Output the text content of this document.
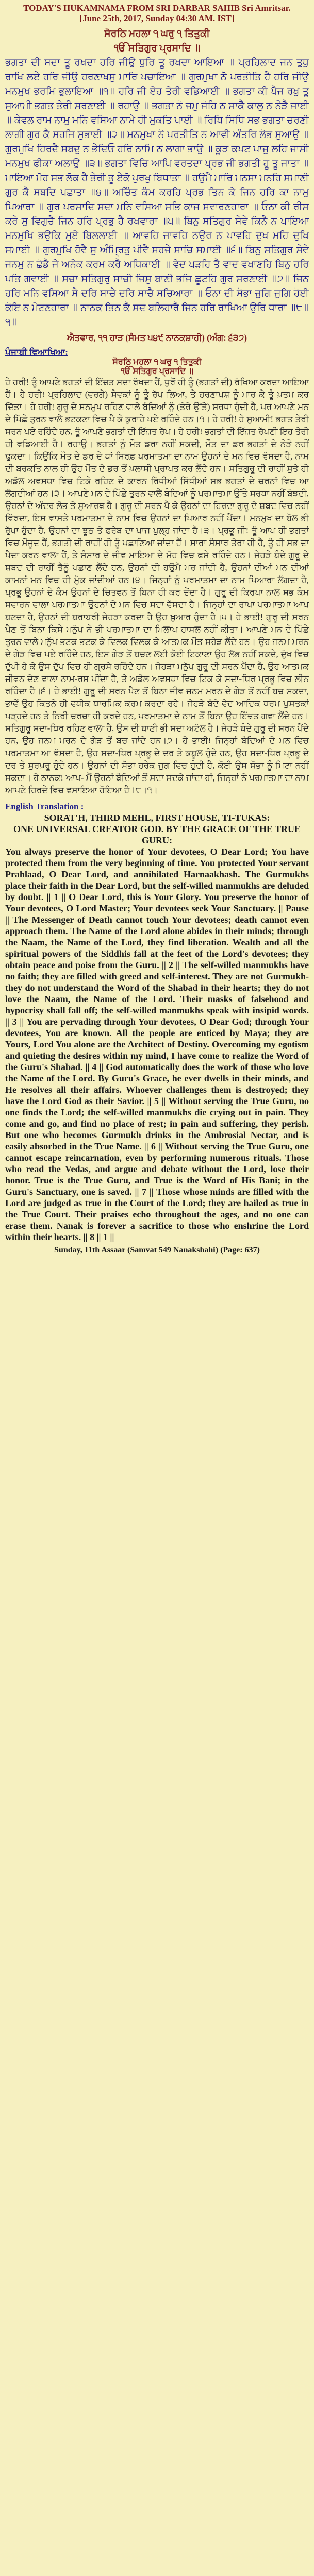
TODAY'S HUKAMNAMA FROM SRI DARBAR SAHIB Sri Amritsar.
[June 25th, 2017, Sunday 04:30 AM. IST]
ਸੋਰਠਿ ਮਹਲਾ ੧ ਘਰੁ ੧ ਤਿਤੁਕੀ
ੴ ਸਤਿਗੁਰ ਪ੍ਰਸਾਦਿ ॥
ਭਗਤਾ ਦੀ ਸਦਾ ਤੂ ਰਖਦਾ ਹਰਿ ਜੀਉ ਧੁਰਿ ਤੂ ਰਖਦਾ ਆਇਆ ॥ ਪ੍ਰਹਿਲਾਦ ਜਨ ਤੁਧੁ ਰਾਖਿ ਲਏ ਹਰਿ ਜੀਉ ਹਰਣਾਖਸੁ ਮਾਰਿ ਪਚਾਇਆ ॥ ਗੁਰਮੁਖਾ ਨੋ ਪਰਤੀਤਿ ਹੈ ਹਰਿ ਜੀਉ ਮਨਮੁਖ ਭਰਮਿ ਭੁਲਾਇਆ ॥੧॥ ਹਰਿ ਜੀ ਏਹ ਤੇਰੀ ਵਡਿਆਈ ॥ ਭਗਤਾ ਕੀ ਪੈਜ ਰਖੁ ਤੂ ਸੁਆਮੀ ਭਗਤ ਤੇਰੀ ਸਰਣਾਈ ॥ ਰਹਾਉ ॥ ਭਗਤਾ ਨੋ ਜਮੁ ਜੋਹਿ ਨ ਸਾਕੈ ਕਾਲੁ ਨ ਨੇੜੈ ਜਾਈ ॥ ਕੇਵਲ ਰਾਮ ਨਾਮੁ ਮਨਿ ਵਸਿਆ ਨਾਮੇ ਹੀ ਮੁਕਤਿ ਪਾਈ ॥ ਰਿਧਿ ਸਿਧਿ ਸਭ ਭਗਤਾ ਚਰਣੀ ਲਾਗੀ ਗੁਰ ਕੈ ਸਹਜਿ ਸੁਭਾਈ ॥੨॥ ਮਨਮੁਖਾ ਨੋ ਪਰਤੀਤਿ ਨ ਆਵੀ ਅੰਤਰਿ ਲੋਭ ਸੁਆਉ ॥ ਗੁਰਮੁਖਿ ਹਿਰਦੈ ਸਬਦੁ ਨ ਭੇਦਿਓ ਹਰਿ ਨਾਮਿ ਨ ਲਾਗਾ ਭਾਉ ॥ ਕੂੜ ਕਪਟ ਪਾਜੁ ਲਹਿ ਜਾਸੀ ਮਨਮੁਖ ਫੀਕਾ ਅਲਾਉ ॥੩॥ ਭਗਤਾ ਵਿਚਿ ਆਪਿ ਵਰਤਦਾ ਪ੍ਰਭ ਜੀ ਭਗਤੀ ਹੂ ਤੂ ਜਾਤਾ ॥ ਮਾਇਆ ਮੋਹ ਸਭ ਲੋਕ ਹੈ ਤੇਰੀ ਤੂ ਏਕੋ ਪੁਰਖੁ ਬਿਧਾਤਾ ॥ ਹਉਮੈ ਮਾਰਿ ਮਨਸਾ ਮਨਹਿ ਸਮਾਣੀ ਗੁਰ ਕੈ ਸਬਦਿ ਪਛਾਤਾ ॥੪॥ ਅਚਿੰਤ ਕੰਮ ਕਰਹਿ ਪ੍ਰਭ ਤਿਨ ਕੇ ਜਿਨ ਹਰਿ ਕਾ ਨਾਮੁ ਪਿਆਰਾ ॥ ਗੁਰ ਪਰਸਾਦਿ ਸਦਾ ਮਨਿ ਵਸਿਆ ਸਭਿ ਕਾਜ ਸਵਾਰਣਹਾਰਾ ॥ ਓਨਾ ਕੀ ਰੀਸ ਕਰੇ ਸੁ ਵਿਗੁਚੈ ਜਿਨ ਹਰਿ ਪ੍ਰਭੁ ਹੈ ਰਖਵਾਰਾ ॥੫॥ ਬਿਨੁ ਸਤਿਗੁਰ ਸੇਵੇ ਕਿਨੈ ਨ ਪਾਇਆ ਮਨਮੁਖਿ ਭਉਕਿ ਮੁਏ ਬਿਲਲਾਈ ॥ ਆਵਹਿ ਜਾਵਹਿ ਠਉਰ ਨ ਪਾਵਹਿ ਦੁਖ ਮਹਿ ਦੁਖਿ ਸਮਾਈ ॥ ਗੁਰਮੁਖਿ ਹੋਵੈ ਸੁ ਅੰਮ੍ਰਿਤੁ ਪੀਵੈ ਸਹਜੇ ਸਾਚਿ ਸਮਾਈ ॥੬॥ ਬਿਨੁ ਸਤਿਗੁਰ ਸੇਵੇ ਜਨਮੁ ਨ ਛੋਡੈ ਜੇ ਅਨੇਕ ਕਰਮ ਕਰੈ ਅਧਿਕਾਈ ॥ ਵੇਦ ਪੜਹਿ ਤੈ ਵਾਦ ਵਖਾਣਹਿ ਬਿਨੁ ਹਰਿ ਪਤਿ ਗਵਾਈ ॥ ਸਚਾ ਸਤਿਗੁਰੁ ਸਾਚੀ ਜਿਸੁ ਬਾਣੀ ਭਜਿ ਛੂਟਹਿ ਗੁਰ ਸਰਣਾਈ ॥੭॥ ਜਿਨ ਹਰਿ ਮਨਿ ਵਸਿਆ ਸੇ ਦਰਿ ਸਾਚੇ ਦਰਿ ਸਾਚੈ ਸਚਿਆਰਾ ॥ ਓਨਾ ਦੀ ਸੋਭਾ ਜੁਗਿ ਜੁਗਿ ਹੋਈ ਕੋਇ ਨ ਮੇਟਣਹਾਰਾ ॥ ਨਾਨਕ ਤਿਨ ਕੈ ਸਦ ਬਲਿਹਾਰੈ ਜਿਨ ਹਰਿ ਰਾਖਿਆ ਉਰਿ ਧਾਰਾ ॥੮॥੧॥
ਐਤਵਾਰ, ੧੧ ਹਾੜ (ਸੰਮਤ ੫੪੯ ਨਾਨਕਸ਼ਾਹੀ) (ਅੰਗ: ੬੩੭)
ਪੰਜਾਬੀ ਵਿਆਖਿਆ:
ਸੋਰਠਿ ਮਹਲਾ ੧ ਘਰੁ ੧ ਤਿਤੁਕੀ
ੴ ਸਤਿਗੁਰ ਪ੍ਰਸਾਦਿ ॥
ਹੇ ਹਰੀ! ਤੂੰ ਆਪਣੇ ਭਗਤਾਂ ਦੀ ਇੱਜ਼ਤ ਸਦਾ ਰੱਖਦਾ ਹੈਂ, ਧੁਰੋਂ ਹੀ ਤੂੰ (ਭਗਤਾਂ ਦੀ) ਰੱਖਿਆ ਕਰਦਾ ਆਇਆ ਹੈਂ। ਹੇ ਹਰੀ! ਪ੍ਰਹਿਲਾਦ (ਵਰਗੇ) ਸੇਵਕਾਂ ਨੂੰ ਤੂੰ ਰੱਖ ਲਿਆ, ਤੇ ਹਰਣਾਖਸ਼ ਨੂੰ ਮਾਰ ਕੇ ਤੂੰ ਖ਼ਤਮ ਕਰ ਦਿੱਤਾ। ਹੇ ਹਰੀ! ਗੁਰੂ ਦੇ ਸਨਮੁਖ ਰਹਿਣ ਵਾਲੇ ਬੰਦਿਆਂ ਨੂੰ (ਤੇਰੇ ਉੱਤੇ) ਸਰਧਾ ਹੁੰਦੀ ਹੈ, ਪਰ ਆਪਣੇ ਮਨ ਦੇ ਪਿੱਛੇ ਤੁਰਨ ਵਾਲੇ ਭਟਕਣਾ ਵਿਚ ਪੈ ਕੇ ਕੁਰਾਹੇ ਪਏ ਰਹਿੰਦੇ ਹਨ।੧। ਹੇ ਹਰੀ! ਹੇ ਸੁਆਮੀ! ਭਗਤ ਤੇਰੀ ਸਰਨ ਪਏ ਰਹਿੰਦੇ ਹਨ, ਤੂੰ ਆਪਣੇ ਭਗਤਾਂ ਦੀ ਇੱਜ਼ਤ ਰੱਖ। ਹੇ ਹਰੀ! ਭਗਤਾਂ ਦੀ ਇੱਜ਼ਤ ਰੱਖਣੀ ਇਹ ਤੇਰੀ ਹੀ ਵਡਿਆਈ ਹੈ। ਰਹਾਉ। ਭਗਤਾਂ ਨੂੰ ਮੌਤ ਡਰਾ ਨਹੀਂ ਸਕਦੀ, ਮੌਤ ਦਾ ਡਰ ਭਗਤਾਂ ਦੇ ਨੇੜੇ ਨਹੀਂ ਢੁਕਦਾ। ਕਿਉਂਕਿ ਮੌਤ ਦੇ ਡਰ ਦੇ ਥਾਂ ਸਿਰਫ਼ ਪਰਮਾਤਮਾ ਦਾ ਨਾਮ ਉਹਨਾਂ ਦੇ ਮਨ ਵਿਚ ਵੱਸਦਾ ਹੈ, ਨਾਮ ਦੀ ਬਰਕਤਿ ਨਾਲ ਹੀ ਉਹ ਮੌਤ ਦੇ ਡਰ ਤੋਂ ਖ਼ਲਾਸੀ ਪ੍ਰਾਪਤ ਕਰ ਲੈਂਦੇ ਹਨ। ਸਤਿਗੁਰੂ ਦੀ ਰਾਹੀਂ ਸੁਤੇ ਹੀ ਅਡੋਲ ਅਵਸਥਾ ਵਿਚ ਟਿਕੇ ਰਹਿਣ ਦੇ ਕਾਰਨ ਰਿੱਧੀਆਂ ਸਿੱਧੀਆਂ ਸਭ ਭਗਤਾਂ ਦੇ ਚਰਨਾਂ ਵਿਚ ਆ ਲੱਗਦੀਆਂ ਹਨ।੨। ਆਪਣੇ ਮਨ ਦੇ ਪਿੱਛੇ ਤੁਰਨ ਵਾਲੇ ਬੰਦਿਆਂ ਨੂੰ ਪਰਮਾਤਮਾ ਉੱਤੇ ਸਰਧਾ ਨਹੀਂ ਬੱਝਦੀ, ਉਹਨਾਂ ਦੇ ਅੰਦਰ ਲੋਭ ਤੇ ਸੁਆਰਥ ਹੈ। ਗੁਰੂ ਦੀ ਸਰਨ ਪੈ ਕੇ ਉਹਨਾਂ ਦਾ ਹਿਰਦਾ ਗੁਰੂ ਦੇ ਸ਼ਬਦ ਵਿਚ ਨਹੀਂ ਵਿੱਝਦਾ, ਇਸ ਵਾਸਤੇ ਪਰਮਾਤਮਾ ਦੇ ਨਾਮ ਵਿਚ ਉਹਨਾਂ ਦਾ ਪਿਆਰ ਨਹੀਂ ਪੈਂਦਾ। ਮਨਮੁਖ ਦਾ ਬੋਲ ਭੀ ਰੁੱਖਾ ਹੁੰਦਾ ਹੈ, ਉਹਨਾਂ ਦਾ ਝੂਠ ਤੇ ਫਰੇਬ ਦਾ ਪਾਜ ਖੁਲ੍ਹ ਜਾਂਦਾ ਹੈ।੩। ਪ੍ਰਭੂ ਜੀ! ਤੂੰ ਆਪ ਹੀ ਭਗਤਾਂ ਵਿਚ ਮੌਜੂਦ ਹੈਂ, ਭਗਤੀ ਦੀ ਰਾਹੀਂ ਹੀ ਤੂੰ ਪਛਾਣਿਆ ਜਾਂਦਾ ਹੈਂ। ਸਾਰਾ ਸੰਸਾਰ ਤੇਰਾ ਹੀ ਹੈ, ਤੂੰ ਹੀ ਸਭ ਦਾ ਪੈਦਾ ਕਰਨ ਵਾਲਾ ਹੈਂ, ਤੇ ਸੰਸਾਰ ਦੇ ਜੀਵ ਮਾਇਆ ਦੇ ਮੋਹ ਵਿਚ ਫਸੇ ਰਹਿੰਦੇ ਹਨ। ਜੇਹੜੇ ਬੰਦੇ ਗੁਰੂ ਦੇ ਸ਼ਬਦ ਦੀ ਰਾਹੀਂ ਤੈਨੂੰ ਪਛਾਣ ਲੈਂਦੇ ਹਨ, ਉਹਨਾਂ ਦੀ ਹਉਮੈ ਮਰ ਜਾਂਦੀ ਹੈ, ਉਹਨਾਂ ਦੀਆਂ ਮਨ ਦੀਆਂ ਕਾਮਨਾਂ ਮਨ ਵਿਚ ਹੀ ਮੁੱਕ ਜਾਂਦੀਆਂ ਹਨ।੪। ਜਿਨ੍ਹਾਂ ਨੂੰ ਪਰਮਾਤਮਾ ਦਾ ਨਾਮ ਪਿਆਰਾ ਲੱਗਦਾ ਹੈ, ਪ੍ਰਭੂ ਉਹਨਾਂ ਦੇ ਕੰਮ ਉਹਨਾਂ ਦੇ ਚਿਤਵਨ ਤੋਂ ਬਿਨਾ ਹੀ ਕਰ ਦੇਂਦਾ ਹੈ। ਗੁਰੂ ਦੀ ਕਿਰਪਾ ਨਾਲ ਸਭ ਕੰਮ ਸਵਾਰਨ ਵਾਲਾ ਪਰਮਾਤਮਾ ਉਹਨਾਂ ਦੇ ਮਨ ਵਿਚ ਸਦਾ ਵੱਸਦਾ ਹੈ। ਜਿਨ੍ਹਾਂ ਦਾ ਰਾਖਾ ਪਰਮਾਤਮਾ ਆਪ ਬਣਦਾ ਹੈ, ਉਹਨਾਂ ਦੀ ਬਰਾਬਰੀ ਜੇਹੜਾ ਕਰਦਾ ਹੈ ਉਹ ਖ਼ੁਆਰ ਹੁੰਦਾ ਹੈ।੫। ਹੇ ਭਾਈ! ਗੁਰੂ ਦੀ ਸਰਨ ਪੈਣ ਤੋਂ ਬਿਨਾ ਕਿਸੇ ਮਨੁੱਖ ਨੇ ਭੀ ਪਰਮਾਤਮਾ ਦਾ ਮਿਲਾਪ ਹਾਸਲ ਨਹੀਂ ਕੀਤਾ। ਆਪਣੇ ਮਨ ਦੇ ਪਿੱਛੇ ਤੁਰਨ ਵਾਲੇ ਮਨੁੱਖ ਭਟਕ ਭਟਕ ਕੇ ਵਿਲਕ ਵਿਲਕ ਕੇ ਆਤਮਕ ਮੌਤ ਸਹੇੜ ਲੈਂਦੇ ਹਨ। ਉਹ ਜਨਮ ਮਰਨ ਦੇ ਗੇੜ ਵਿਚ ਪਏ ਰਹਿੰਦੇ ਹਨ, ਇਸ ਗੇੜ ਤੋਂ ਬਚਣ ਲਈ ਕੋਈ ਟਿਕਾਣਾ ਉਹ ਲੱਭ ਨਹੀਂ ਸਕਦੇ, ਦੁੱਖ ਵਿਚ ਦੁੱਖੀ ਹੋ ਕੇ ਉਸ ਦੁੱਖ ਵਿਚ ਹੀ ਗ੍ਰਸੇ ਰਹਿੰਦੇ ਹਨ। ਜੇਹੜਾ ਮਨੁੱਖ ਗੁਰੂ ਦੀ ਸਰਨ ਪੈਂਦਾ ਹੈ, ਉਹ ਆਤਮਕ ਜੀਵਨ ਦੇਣ ਵਾਲਾ ਨਾਮ-ਰਸ ਪੀਂਦਾ ਹੈ, ਤੇ ਅਡੋਲ ਅਵਸਥਾ ਵਿਚ ਟਿਕ ਕੇ ਸਦਾ-ਥਿਰ ਪ੍ਰਭੂ ਵਿਚ ਲੀਨ ਰਹਿੰਦਾ ਹੈ।੬। ਹੇ ਭਾਈ! ਗੁਰੂ ਦੀ ਸਰਨ ਪੈਣ ਤੋਂ ਬਿਨਾ ਜੀਵ ਜਨਮ ਮਰਨ ਦੇ ਗੇੜ ਤੋਂ ਨਹੀਂ ਬਚ ਸਕਦਾ, ਭਾਵੇਂ ਉਹ ਕਿਤਨੇ ਹੀ ਵਧੀਕ ਧਾਰਮਿਕ ਕਰਮ ਕਰਦਾ ਰਹੇ। ਜੇਹੜੇ ਬੰਦੇ ਵੇਦ ਆਦਿਕ ਧਰਮ ਪੁਸਤਕਾਂ ਪੜ੍ਹਦੇ ਹਨ ਤੇ ਨਿਰੀ ਚਰਚਾ ਹੀ ਕਰਦੇ ਹਨ, ਪਰਮਾਤਮਾ ਦੇ ਨਾਮ ਤੋਂ ਬਿਨਾ ਉਹ ਇੱਜ਼ਤ ਗਵਾ ਲੈਂਦੇ ਹਨ। ਸਤਿਗੁਰੂ ਸਦਾ-ਥਿਰ ਰਹਿਣ ਵਾਲਾ ਹੈ, ਉਸ ਦੀ ਬਾਣੀ ਭੀ ਸਦਾ ਅਟੱਲ ਹੈ। ਜੇਹੜੇ ਬੰਦੇ ਗੁਰੂ ਦੀ ਸਰਨ ਪੈਂਦੇ ਹਨ, ਉਹ ਜਨਮ ਮਰਨ ਦੇ ਗੇੜ ਤੋਂ ਬਚ ਜਾਂਦੇ ਹਨ।੭। ਹੇ ਭਾਈ! ਜਿਨ੍ਹਾਂ ਬੰਦਿਆਂ ਦੇ ਮਨ ਵਿਚ ਪਰਮਾਤਮਾ ਆ ਵੱਸਦਾ ਹੈ, ਉਹ ਸਦਾ-ਥਿਰ ਪ੍ਰਭੂ ਦੇ ਦਰ ਤੇ ਕਬੂਲ ਹੁੰਦੇ ਹਨ, ਉਹ ਸਦਾ-ਥਿਰ ਪ੍ਰਭੂ ਦੇ ਦਰ ਤੇ ਸੁਰਖ਼ਰੂ ਹੁੰਦੇ ਹਨ। ਉਹਨਾਂ ਦੀ ਸੋਭਾ ਹਰੇਕ ਜੁਗ ਵਿਚ ਹੁੰਦੀ ਹੈ, ਕੋਈ ਉਸ ਸੋਭਾ ਨੂੰ ਮਿਟਾ ਨਹੀਂ ਸਕਦਾ। ਹੇ ਨਾਨਕ! ਆਖ- ਮੈਂ ਉਹਨਾਂ ਬੰਦਿਆਂ ਤੋਂ ਸਦਾ ਸਦਕੇ ਜਾਂਦਾ ਹਾਂ, ਜਿਨ੍ਹਾਂ ਨੇ ਪਰਮਾਤਮਾ ਦਾ ਨਾਮ ਆਪਣੇ ਹਿਰਦੇ ਵਿਚ ਵਸਾਇਆ ਹੋਇਆ ਹੈ।੮।੧।
English Translation :
SORAT'H, THIRD MEHL, FIRST HOUSE, TI-TUKAS:
ONE UNIVERSAL CREATOR GOD. BY THE GRACE OF THE TRUE GURU:
You always preserve the honor of Your devotees, O Dear Lord; You have protected them from the very beginning of time. You protected Your servant Prahlaad, O Dear Lord, and annihilated Harnaakhash. The Gurmukhs place their faith in the Dear Lord, but the self-willed manmukhs are deluded by doubt. || 1 || O Dear Lord, this is Your Glory. You preserve the honor of Your devotees, O Lord Master; Your devotees seek Your Sanctuary. || Pause || The Messenger of Death cannot touch Your devotees; death cannot even approach them. The Name of the Lord alone abides in their minds; through the Naam, the Name of the Lord, they find liberation. Wealth and all the spiritual powers of the Siddhis fall at the feet of the Lord's devotees; they obtain peace and poise from the Guru. || 2 || The self-willed manmukhs have no faith; they are filled with greed and self-interest. They are not Gurmukh- they do not understand the Word of the Shabad in their hearts; they do not love the Naam, the Name of the Lord. Their masks of falsehood and hypocrisy shall fall off; the self-willed manmukhs speak with insipid words. || 3 || You are pervading through Your devotees, O Dear God; through Your devotees, You are known. All the people are enticed by Maya; they are Yours, Lord You alone are the Architect of Destiny. Overcoming my egotism and quieting the desires within my mind, I have come to realize the Word of the Guru's Shabad. || 4 || God automatically does the work of those who love the Name of the Lord. By Guru's Grace, he ever dwells in their minds, and He resolves all their affairs. Whoever challenges them is destroyed; they have the Lord God as their Savior. || 5 || Without serving the True Guru, no one finds the Lord; the self-willed manmukhs die crying out in pain. They come and go, and find no place of rest; in pain and suffering, they perish. But one who becomes Gurmukh drinks in the Ambrosial Nectar, and is easily absorbed in the True Name. || 6 || Without serving the True Guru, one cannot escape reincarnation, even by performing numerous rituals. Those who read the Vedas, and argue and debate without the Lord, lose their honor. True is the True Guru, and True is the Word of His Bani; in the Guru's Sanctuary, one is saved. || 7 || Those whose minds are filled with the Lord are judged as true in the Court of the Lord; they are hailed as true in the True Court. Their praises echo throughout the ages, and no one can erase them. Nanak is forever a sacrifice to those who enshrine the Lord within their hearts. || 8 || 1 ||
Sunday, 11th Assaar (Samvat 549 Nanakshahi) (Page: 637)
